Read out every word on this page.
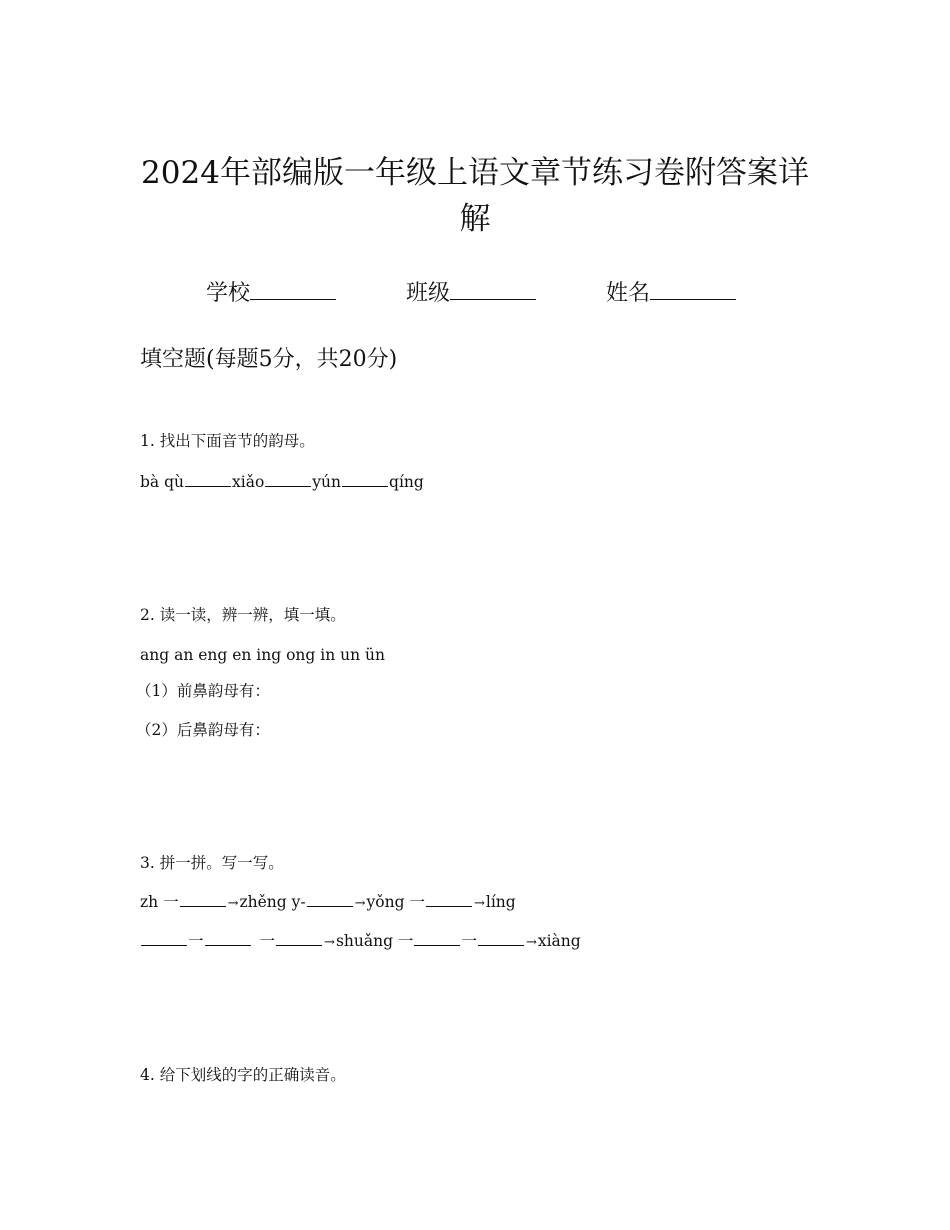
2024年部编版一年级上语文章节练习卷附答案详解
学校	班级	姓名
填空题(每题5分，共20分)
1. 找出下面音节的韵母。
bà qù	xiǎo	yún	qíng
2. 读一读，辨一辨，填一填。
ang an eng en ing ong in un ün
（1）前鼻韵母有：
（2）后鼻韵母有：
3. 拼一拼。写一写。
zh 一	→zhěng y-	→yǒng 一	→líng
一	一	→shuǎng 一	一	→xiàng
4. 给下划线的字的正确读音。
